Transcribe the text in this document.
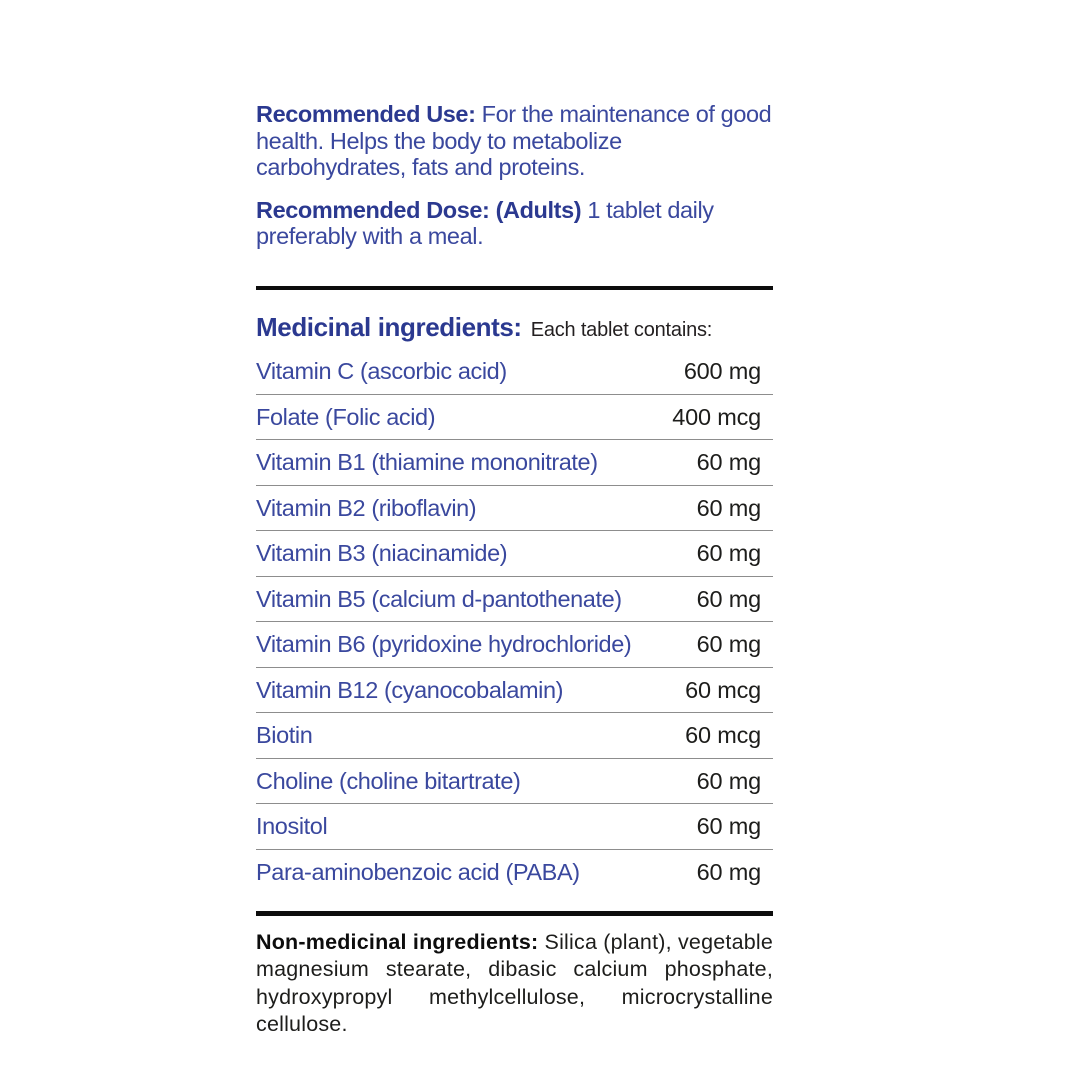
Recommended Use: For the maintenance of good health. Helps the body to metabolize carbohydrates, fats and proteins.

Recommended Dose: (Adults) 1 tablet daily preferably with a meal.

Medicinal ingredients: Each tablet contains:
Vitamin C (ascorbic acid)	600 mg
Folate (Folic acid)	400 mcg
Vitamin B1 (thiamine mononitrate)	60 mg
Vitamin B2 (riboflavin)	60 mg
Vitamin B3 (niacinamide)	60 mg
Vitamin B5 (calcium d-pantothenate)	60 mg
Vitamin B6 (pyridoxine hydrochloride)	60 mg
Vitamin B12 (cyanocobalamin)	60 mcg
Biotin	60 mcg
Choline (choline bitartrate)	60 mg
Inositol	60 mg
Para-aminobenzoic acid (PABA)	60 mg

Non-medicinal ingredients: Silica (plant), vegetable magnesium stearate, dibasic calcium phosphate, hydroxypropyl methylcellulose, microcrystalline cellulose.
